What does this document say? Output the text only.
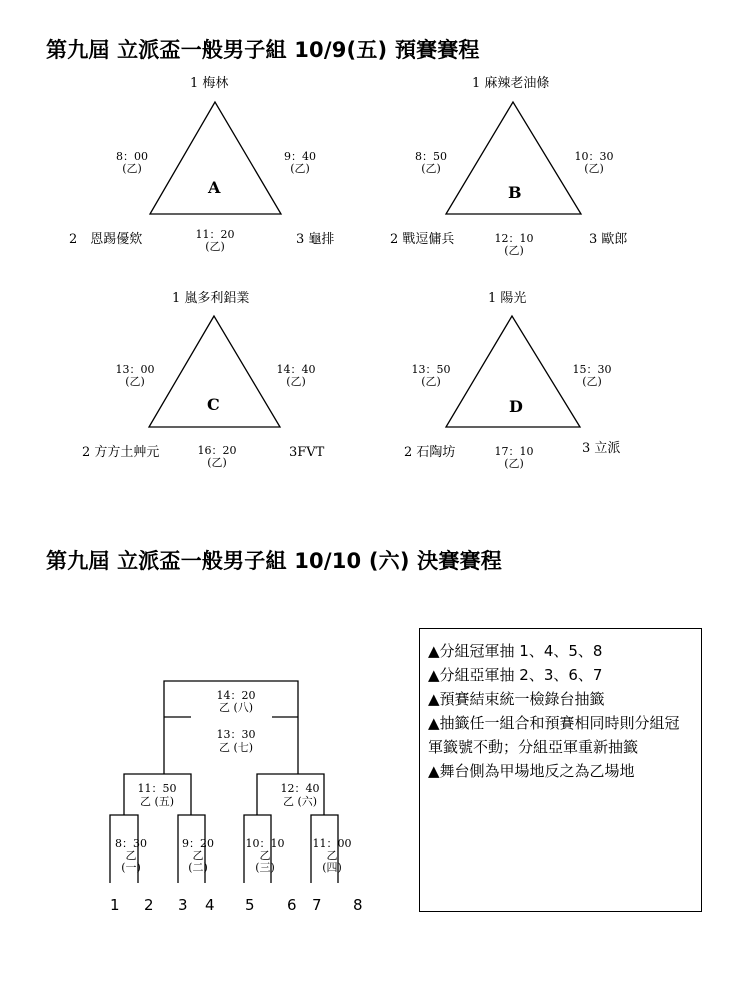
第九屆 立派盃一般男子組 10/9(五) 預賽賽程
第九屆 立派盃一般男子組 10/10 (六) 決賽賽程
1 梅林
2　恩踢優欸	3 龜排
A
8：00
(乙)
9：40
(乙)
11：20
(乙)
1 麻辣老油條
2 戰逗傭兵	3 歐郎
B
8：50
(乙)
10：30
(乙)
12：10
(乙)
1 嵐多利鋁業
2 方方土艸元	3FVT
C
13：00
(乙)
14：40
(乙)
16：20
(乙)
1 陽光
2 石陶坊	3 立派
D
13：50
(乙)
15：30
(乙)
17：10
(乙)
14：20
乙 (八)
13：30
乙 (七)
11：50
乙 (五)
12：40
乙 (六)
8：30
乙
(一)
9：20
乙
(二)
10：10
乙
(三)
11：00
乙
(四)
1 2 3 4 5 6 7 8

▲分組冠軍抽 1、4、5、8

▲分組亞軍抽 2、3、6、7

▲預賽結束統一檢錄台抽籤

▲抽籤任一組合和預賽相同時則分組冠軍籤號不動；分組亞軍重新抽籤

▲舞台側為甲場地反之為乙場地
